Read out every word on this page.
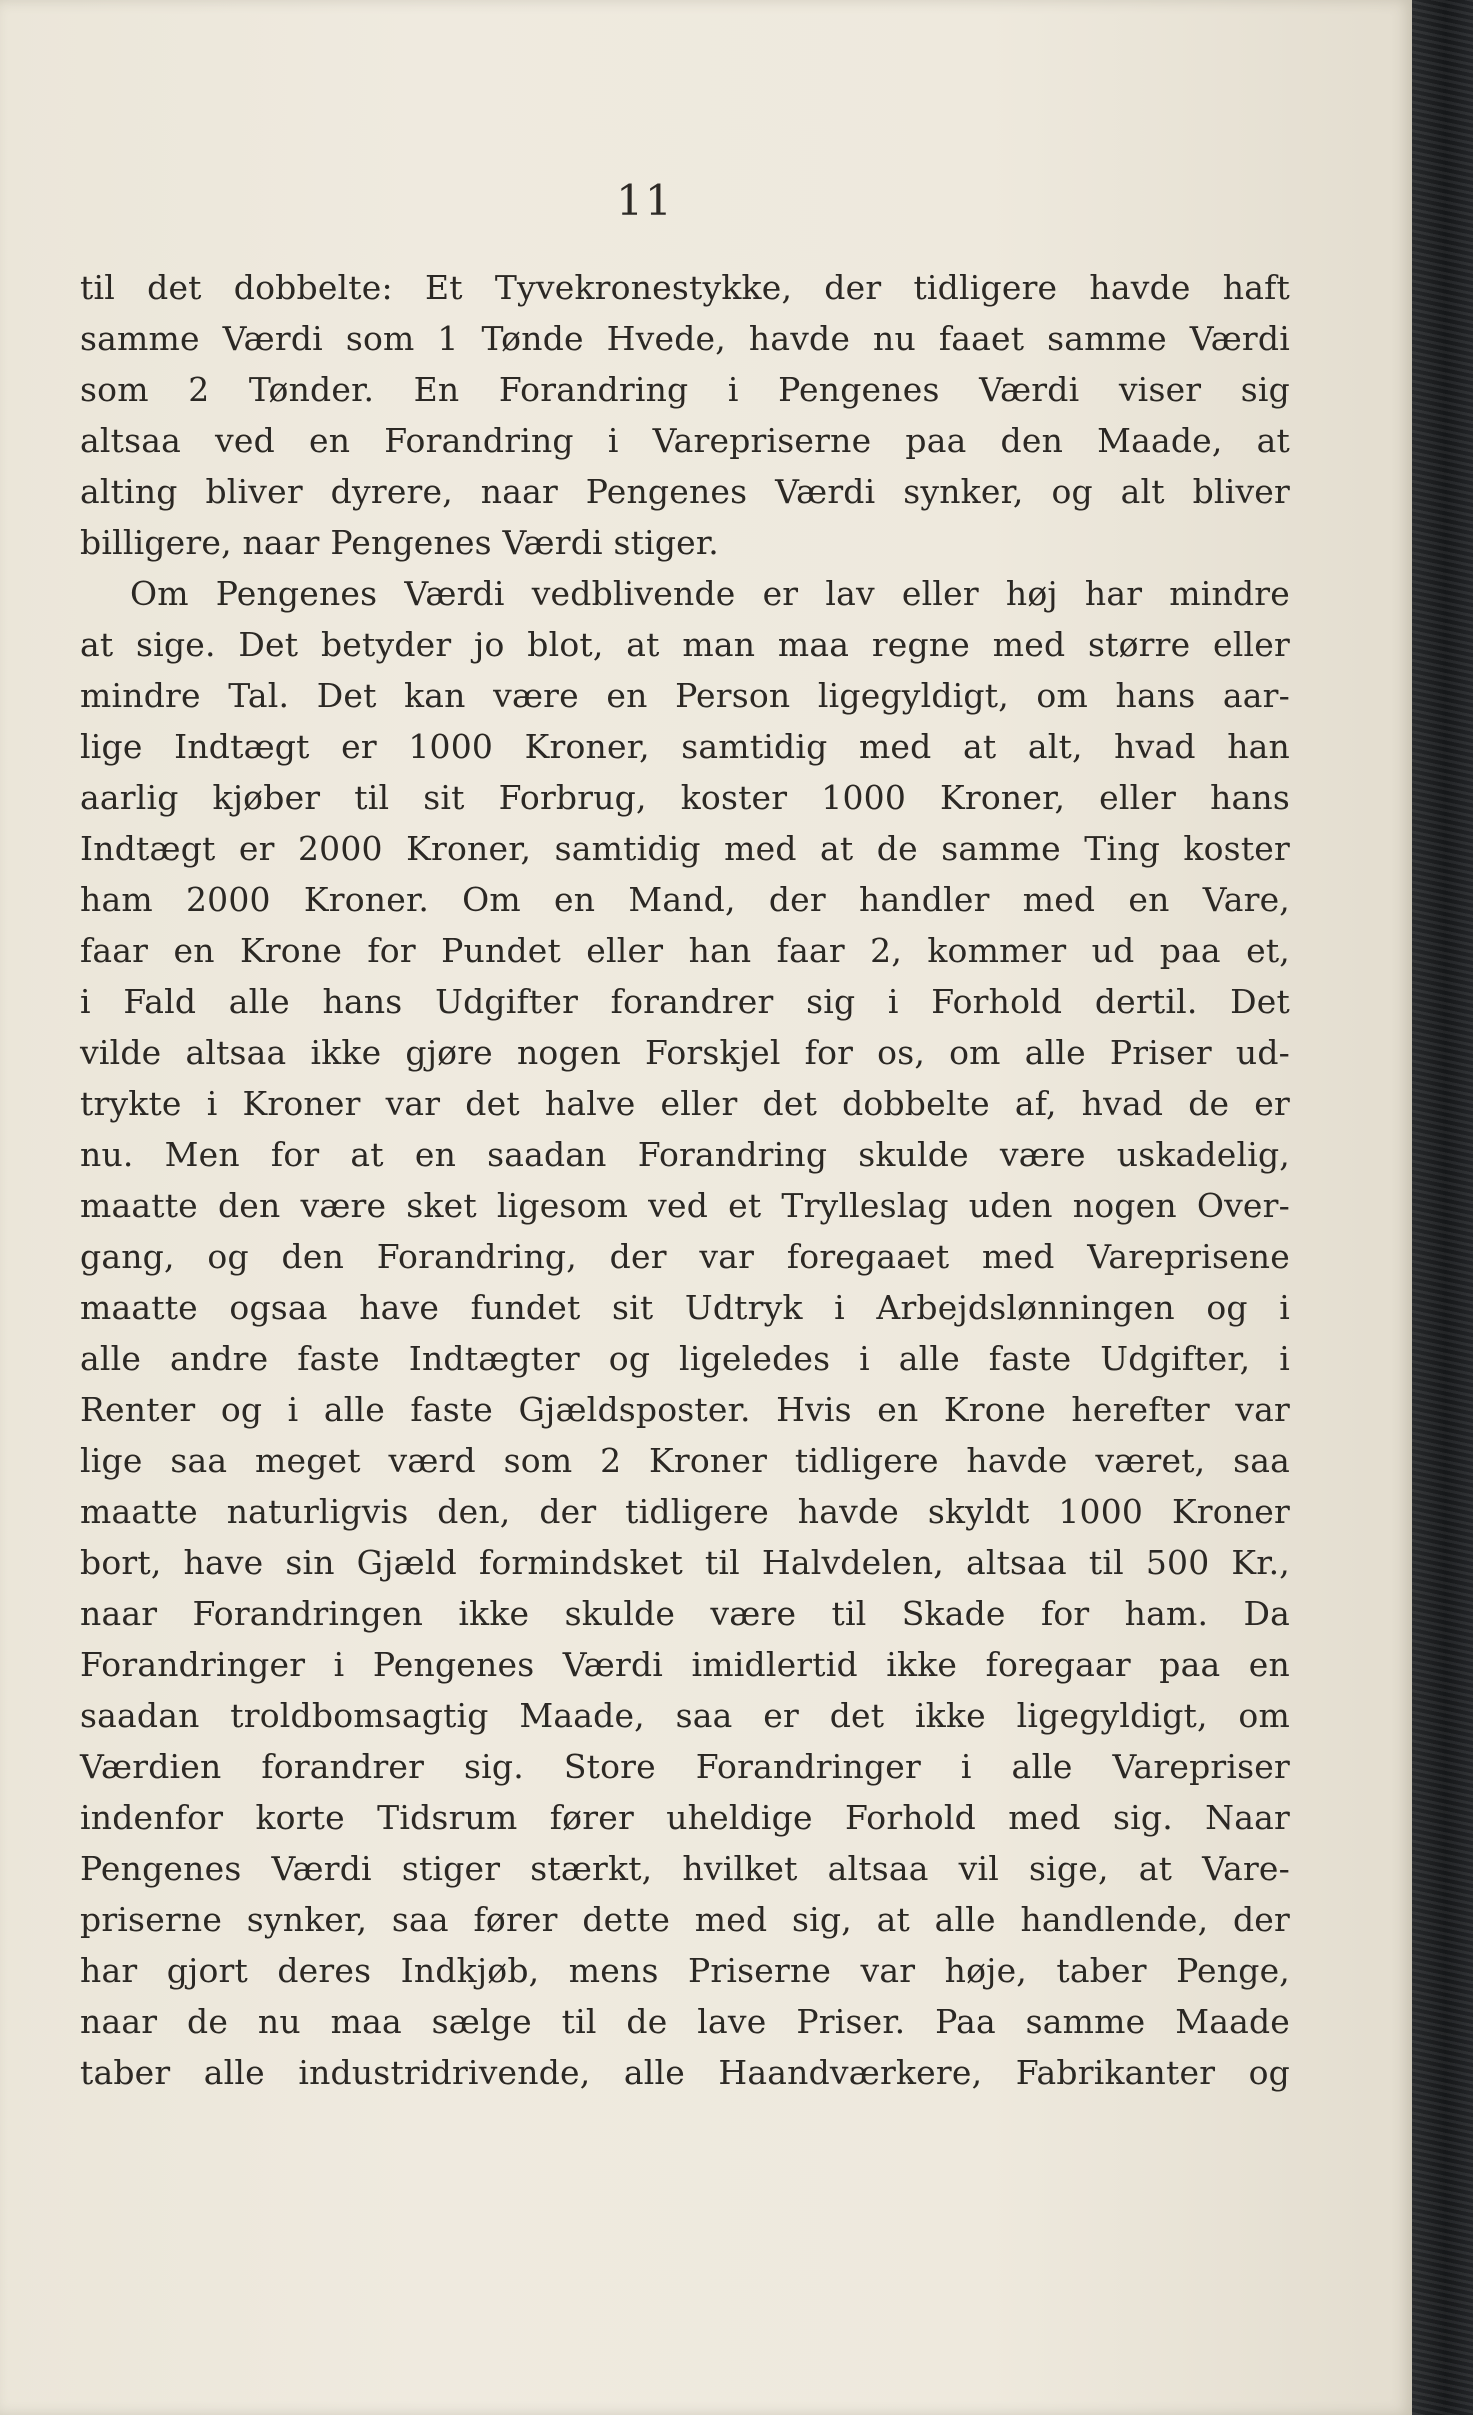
11
til det dobbelte: Et Tyvekronestykke, der tidligere havde haft
samme Værdi som 1 Tønde Hvede, havde nu faaet samme Værdi
som 2 Tønder. En Forandring i Pengenes Værdi viser sig
altsaa ved en Forandring i Varepriserne paa den Maade, at
alting bliver dyrere, naar Pengenes Værdi synker, og alt bliver
billigere, naar Pengenes Værdi stiger.
Om Pengenes Værdi vedblivende er lav eller høj har mindre
at sige. Det betyder jo blot, at man maa regne med større eller
mindre Tal. Det kan være en Person ligegyldigt, om hans aar-
lige Indtægt er 1000 Kroner, samtidig med at alt, hvad han
aarlig kjøber til sit Forbrug, koster 1000 Kroner, eller hans
Indtægt er 2000 Kroner, samtidig med at de samme Ting koster
ham 2000 Kroner. Om en Mand, der handler med en Vare,
faar en Krone for Pundet eller han faar 2, kommer ud paa et,
i Fald alle hans Udgifter forandrer sig i Forhold dertil. Det
vilde altsaa ikke gjøre nogen Forskjel for os, om alle Priser ud-
trykte i Kroner var det halve eller det dobbelte af, hvad de er
nu. Men for at en saadan Forandring skulde være uskadelig,
maatte den være sket ligesom ved et Trylleslag uden nogen Over-
gang, og den Forandring, der var foregaaet med Vareprisene
maatte ogsaa have fundet sit Udtryk i Arbejdslønningen og i
alle andre faste Indtægter og ligeledes i alle faste Udgifter, i
Renter og i alle faste Gjældsposter. Hvis en Krone herefter var
lige saa meget værd som 2 Kroner tidligere havde været, saa
maatte naturligvis den, der tidligere havde skyldt 1000 Kroner
bort, have sin Gjæld formindsket til Halvdelen, altsaa til 500 Kr.,
naar Forandringen ikke skulde være til Skade for ham. Da
Forandringer i Pengenes Værdi imidlertid ikke foregaar paa en
saadan troldbomsagtig Maade, saa er det ikke ligegyldigt, om
Værdien forandrer sig. Store Forandringer i alle Varepriser
indenfor korte Tidsrum fører uheldige Forhold med sig. Naar
Pengenes Værdi stiger stærkt, hvilket altsaa vil sige, at Vare-
priserne synker, saa fører dette med sig, at alle handlende, der
har gjort deres Indkjøb, mens Priserne var høje, taber Penge,
naar de nu maa sælge til de lave Priser. Paa samme Maade
taber alle industridrivende, alle Haandværkere, Fabrikanter og
